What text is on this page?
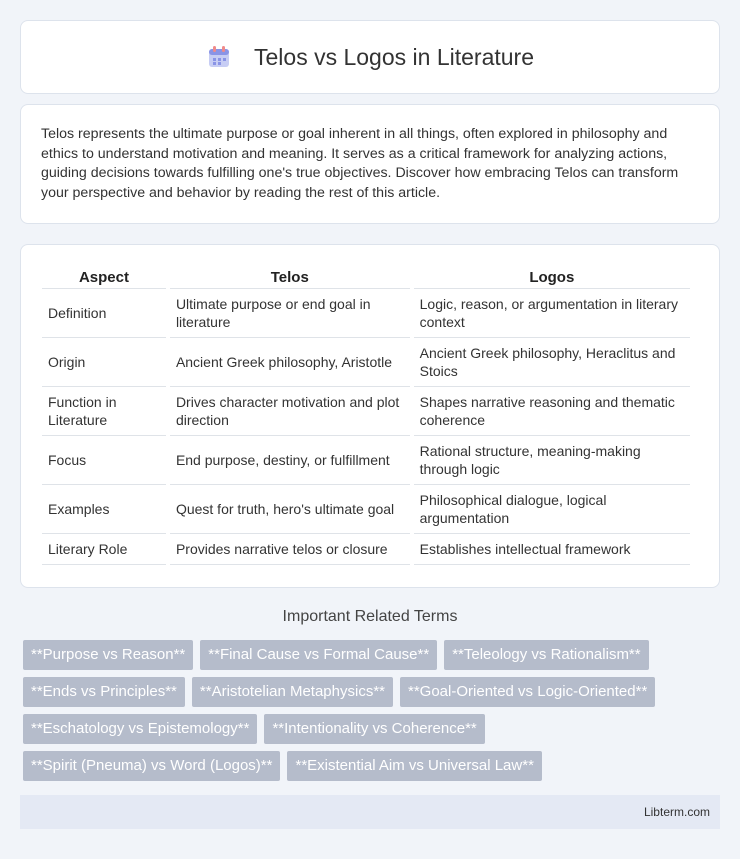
Telos vs Logos in Literature

Telos represents the ultimate purpose or goal inherent in all things, often explored in philosophy and ethics to understand motivation and meaning. It serves as a critical framework for analyzing actions, guiding decisions towards fulfilling one's true objectives. Discover how embracing Telos can transform your perspective and behavior by reading the rest of this article.

Aspect	Telos	Logos
Definition	Ultimate purpose or end goal in literature	Logic, reason, or argumentation in literary context
Origin	Ancient Greek philosophy, Aristotle	Ancient Greek philosophy, Heraclitus and Stoics
Function in Literature	Drives character motivation and plot direction	Shapes narrative reasoning and thematic coherence
Focus	End purpose, destiny, or fulfillment	Rational structure, meaning-making through logic
Examples	Quest for truth, hero's ultimate goal	Philosophical dialogue, logical argumentation
Literary Role	Provides narrative telos or closure	Establishes intellectual framework
Important Related Terms
**Purpose vs Reason**	**Final Cause vs Formal Cause**	**Teleology vs Rationalism**
**Ends vs Principles**	**Aristotelian Metaphysics**	**Goal-Oriented vs Logic-Oriented**
**Eschatology vs Epistemology**	**Intentionality vs Coherence**
**Spirit (Pneuma) vs Word (Logos)**	**Existential Aim vs Universal Law**
Libterm.com
